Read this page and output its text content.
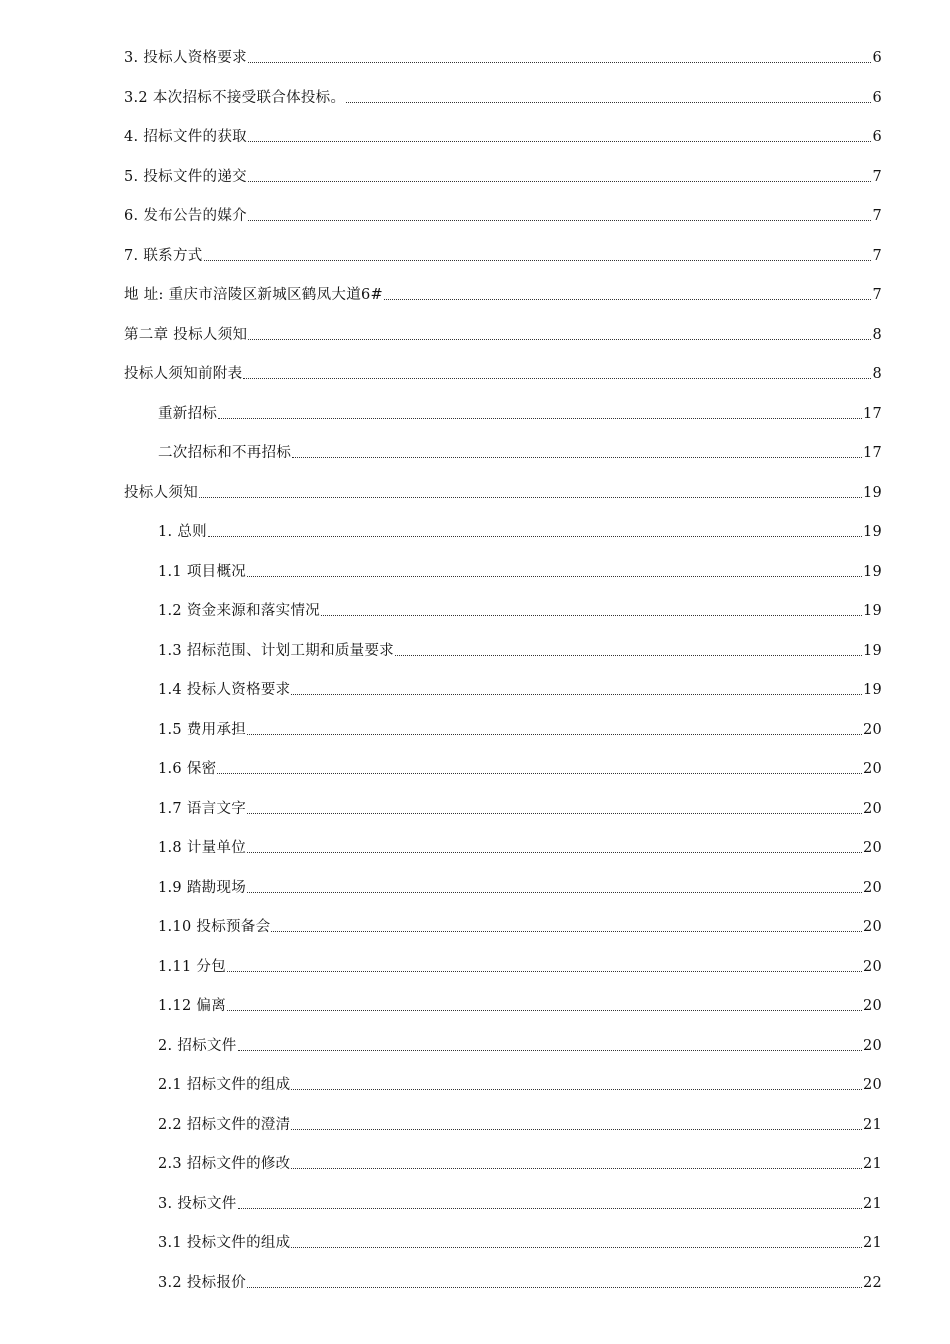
3. 投标人资格要求	6
3.2 本次招标不接受联合体投标。	6
4. 招标文件的获取	6
5. 投标文件的递交	7
6. 发布公告的媒介	7
7. 联系方式	7
地 址: 重庆市涪陵区新城区鹤凤大道6#	7
第二章 投标人须知	8
投标人须知前附表	8
重新招标	17
二次招标和不再招标	17
投标人须知	19
1. 总则	19
1.1 项目概况	19
1.2 资金来源和落实情况	19
1.3 招标范围、计划工期和质量要求	19
1.4 投标人资格要求	19
1.5 费用承担	20
1.6 保密	20
1.7 语言文字	20
1.8 计量单位	20
1.9 踏勘现场	20
1.10 投标预备会	20
1.11 分包	20
1.12 偏离	20
2. 招标文件	20
2.1 招标文件的组成	20
2.2 招标文件的澄清	21
2.3 招标文件的修改	21
3. 投标文件	21
3.1 投标文件的组成	21
3.2 投标报价	22
